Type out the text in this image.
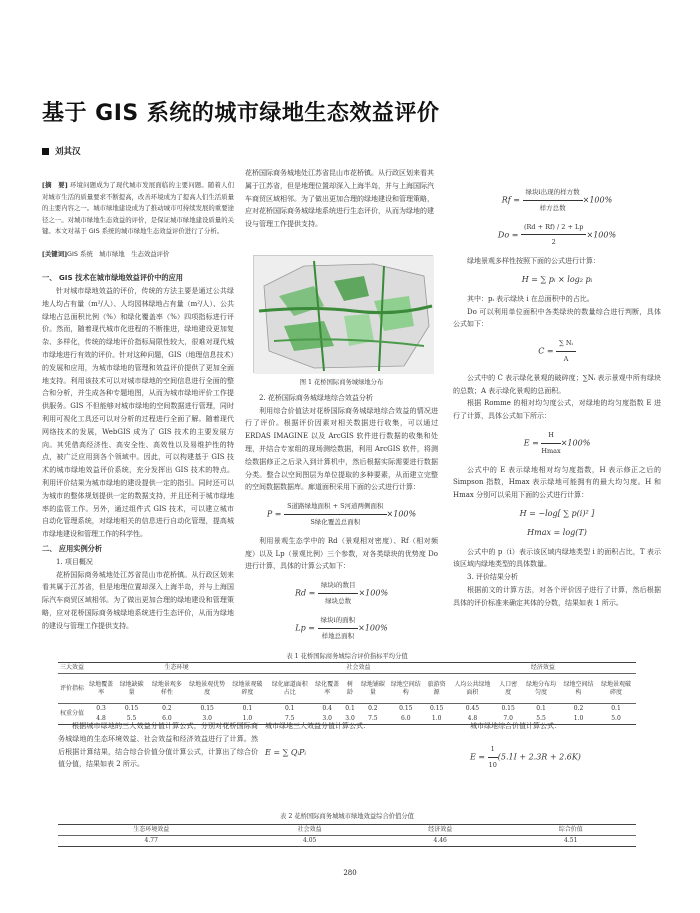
基于 GIS 系统的城市绿地生态效益评价
刘其汉
[摘　要] 环境问题成为了现代城市发展面临的主要问题。随着人们对城市生活的质量要求不断提高，改善环境成为了提高人们生活质量的主要内容之一。城市绿地建设成为了推动城市可持续发展的重要途径之一。对城市绿地生态效益的评价，是保证城市绿地建设质量的关键。本文对基于 GIS 系统的城市绿地生态效益评价进行了分析。
[关键词]GIS 系统　城市绿地　生态效益评价
一、 GIS 技术在城市绿地效益评价中的应用

针对城市绿地效益的评价，传统的方法主要是通过公共绿地人均占有量（m²/人）、人均园林绿地占有量（m²/人）、公共绿地占总面积比例（%）和绿化覆盖率（%）四项指标进行评价。然而，随着现代城市化进程的不断推进，绿地建设更加复杂、多样化，传统的绿地评价指标局限性较大，很难对现代城市绿地进行有效的评价。针对这种问题，GIS（地理信息技术）的发展和应用，为城市绿地的管理和效益评价提供了更加全面地支持。利用该技术可以对城市绿地的空间信息进行全面的整合和分析，并生成各种专题地图，从而为城市绿地评价工作提供服务。GIS 不但能够对城市绿地的空间数据进行管理，同时利用可视化工具还可以对分析的过程进行全面了解。随着现代网络技术的发展，WebGIS 成为了 GIS 技术的主要发展方向。其凭借高经济性、高安全性、高效性以及易维护性的特点，被广泛应用到各个领域中。因此，可以构建基于 GIS 技术的城市绿地效益评价系统，充分发挥出 GIS 技术的特点。利用评价结果为城市绿地的建设提供一定的指引。同时还可以为城市的整体规划提供一定的数据支持，并且还利于城市绿地率的监管工作。另外，通过组件式 GIS 技术，可以建立城市自动化管理系统，对绿地相关的信息进行自动化管理，提高城市绿地建设和管理工作的科学性。

二、 应用实例分析

1. 项目概况

花桥国际商务城地处江苏省昆山市花桥镇。从行政区划来看其属于江苏省，但是地理位置却深入上海半岛，并与上海国际汽车商贸区域相邻。为了做出更加合理的绿地建设和管理策略，应对花桥国际商务城绿地系统进行生态评价，从而为绿地的建设与管理工作提供支持。

花桥国际商务城地处江苏省昆山市花桥镇。从行政区划来看其属于江苏省，但是地理位置却深入上海半岛，并与上海国际汽车商贸区域相邻。为了做出更加合理的绿地建设和管理策略，应对花桥国际商务城绿地系统进行生态评价，从而为绿地的建设与管理工作提供支持。
图 1 花桥国际商务城绿地分布

2. 花桥国际商务城绿地综合效益分析

利用综合价值法对花桥国际商务城绿地综合效益的情况进行了评价。根据评价因素对相关数据进行收集，可以通过 ERDAS IMAGINE 以及 ArcGIS 软件进行数据的收集和处理，并结合专家组的现场测绘数据，利用 ArcGIS 软件，将测绘数据修正之后录入到计算机中，然后根据实际需要进行数据分类。整合以空间图层为单位提取的多种要素，从而建立完整的空间数据数据库。廊道面积采用下面的公式进行计算：

$P = \frac{\text{S道路绿地面积 + S河道两侧面积}}{\text{S绿化覆盖总面积}} \times 100\%$

利用景观生态学中的 Rd（景观相对密度）、Rf（相对频度）以及 Lp（景观比例）三个参数，对各类绿块的优势度 Do 进行计算，具体的计算公式如下：

$Rd = \frac{\text{绿块i的数目}}{\text{绿块总数}} \times 100\%$
$Lp = \frac{\text{绿块i的面积}}{\text{样地总面积}} \times 100\%$
$Rf = \frac{\text{绿块i出现的样方数}}{\text{样方总数}} \times 100\%$
$Do = \frac{(Rd + Rf) / 2 + Lp}{2} \times 100\%$

绿地景观多样性按照下面的公式进行计算：

H = ∑ pᵢ × log₂ pᵢ

其中：pᵢ 表示绿块 i 在总面积中的占比。

Do 可以利用单位面积中各类绿块的数量综合进行判断，具体公式如下：

$C = \frac{\text{∑ Nᵢ}}{A}$

公式中的 C 表示绿化景观的破碎度；∑Nᵢ 表示景观中所有绿块的总数；A 表示绿化景观的总面积。

根据 Romme 的相对均匀度公式，对绿地的均匀度指数 E 进行了计算，具体公式如下所示：

$E = \frac{H}{Hmax} \times 100\%$

公式中的 E 表示绿地相对均匀度指数，H 表示修正之后的 Simpson 指数，Hmax 表示绿地可能拥有的最大均匀度。H 和 Hmax 分别可以采用下面的公式进行计算：

H = −log[ ∑ p(i)² ]
Hmax = log(T)

公式中的 p（i）表示该区域内绿地类型 i 的面积占比，T 表示该区域内绿地类型的具体数量。

3. 评价结果分析

根据前文的计算方法，对各个评价因子进行了计算，然后根据具体的评价标准来确定其体的分数，结果如表 1 所示。

表 1 花桥国际商务城综合评价指标平均分值
三大效益	生态环境					社会效益						经济效益				
评价指标	绿地覆盖率	绿地缺碳量	绿地景观多样性	绿地景观优势度	绿地景观破碎度	绿化廊道面积占比	绿化覆盖率	树龄	绿地铺碳量	绿地空间结构	旅游资源	人均公共绿地面积	人口密度	绿地分布均匀度	绿地空间结构	绿地景观破碎度
权重分值	0.3	0.15	0.2	0.15	0.1	0.1	0.4	0.1	0.2	0.15	0.15	0.45	0.15	0.1	0.2	0.1
	4.8	5.5	6.0	3.0	1.0	7.5	3.0	3.0	7.5	6.0	1.0	4.8	7.0	5.5	1.0	5.0

根据城市绿地的三大效益分值计算公式，分别对花桥国际商务城绿地的生态环境效益、社会效益和经济效益进行了计算。然后根据计算结果，结合综合价值分值计算公式，计算出了综合价值分值，结果如表 2 所示。

城市绿地三大效益分值计算公式：
E = ∑ QᵢPᵢ
城市绿地综合价值计算公式：
$E = \frac{1}{10} (5.1I + 2.3R + 2.6K)$
表 2 花桥国际商务城城市绿地效益综合价值分值
生态环境效益	社会效益	经济效益	综合价值
4.77	4.05	4.46	4.51
280
